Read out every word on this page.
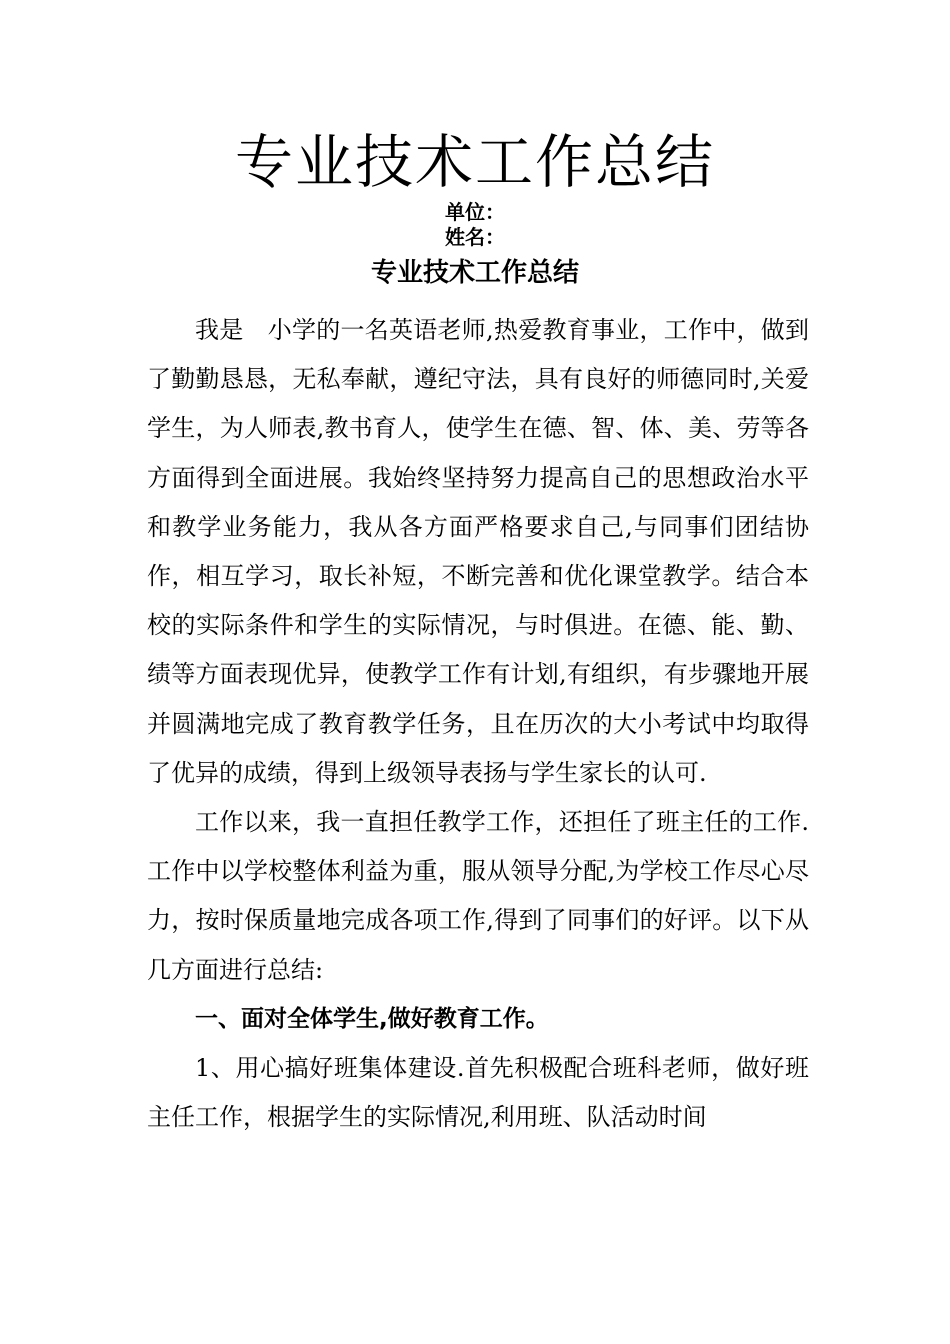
专业技术工作总结
单位：
姓名：
专业技术工作总结

我是　小学的一名英语老师,热爱教育事业，工作中，做到了勤勤恳恳，无私奉献，遵纪守法，具有良好的师德同时,关爱学生，为人师表,教书育人，使学生在德、智、体、美、劳等各方面得到全面进展。我始终坚持努力提高自己的思想政治水平和教学业务能力，我从各方面严格要求自己,与同事们团结协作，相互学习，取长补短，不断完善和优化课堂教学。结合本校的实际条件和学生的实际情况，与时俱进。在德、能、勤、绩等方面表现优异，使教学工作有计划,有组织，有步骤地开展并圆满地完成了教育教学任务，且在历次的大小考试中均取得了优异的成绩，得到上级领导表扬与学生家长的认可.

工作以来，我一直担任教学工作，还担任了班主任的工作.工作中以学校整体利益为重，服从领导分配,为学校工作尽心尽力，按时保质量地完成各项工作,得到了同事们的好评。以下从几方面进行总结:

一、面对全体学生,做好教育工作。

1、用心搞好班集体建设.首先积极配合班科老师，做好班主任工作，根据学生的实际情况,利用班、队活动时间
